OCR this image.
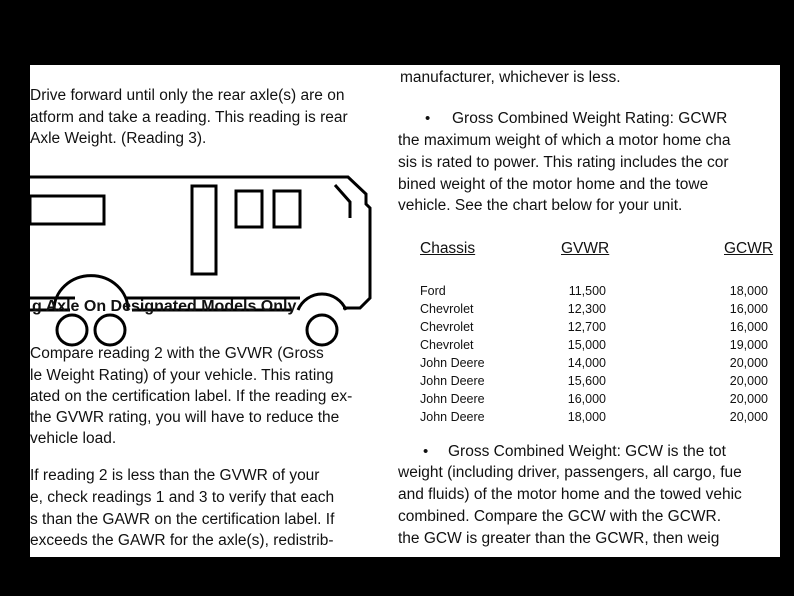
Drive forward until only the rear axle(s) are on
atform and take a reading. This reading is rear
Axle Weight. (Reading 3).
g Axle On Designated Models Only
Compare reading 2 with the GVWR (Gross
le Weight Rating) of your vehicle. This rating
ated on the certification label. If the reading ex-
the GVWR rating, you will have to reduce the
vehicle load.
If reading 2 is less than the GVWR of your
e, check readings 1 and 3 to verify that each
s than the GAWR on the certification label. If
exceeds the GAWR for the axle(s), redistrib-
manufacturer, whichever is less.
• Gross Combined Weight Rating: GCWR
the maximum weight of which a motor home cha
sis is rated to power. This rating includes the cor
bined weight of the motor home and the towe
vehicle. See the chart below for your unit.
Chassis	GVWR	GCWR
Ford	11,500	18,000
Chevrolet	12,300	16,000
Chevrolet	12,700	16,000
Chevrolet	15,000	19,000
John Deere	14,000	20,000
John Deere	15,600	20,000
John Deere	16,000	20,000
John Deere	18,000	20,000
• Gross Combined Weight: GCW is the tot
weight (including driver, passengers, all cargo, fue
and fluids) of the motor home and the towed vehic
combined. Compare the GCW with the GCWR.
the GCW is greater than the GCWR, then weig
